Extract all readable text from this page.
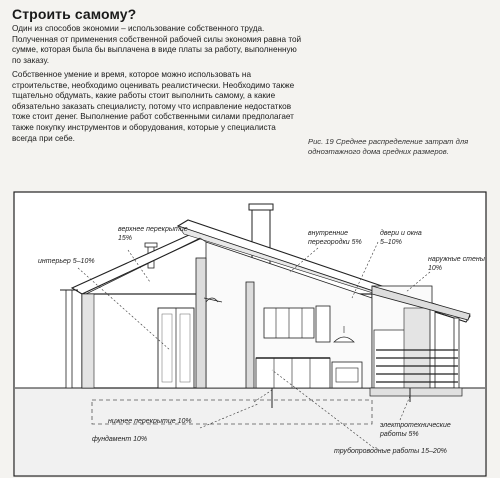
Строить самому?

Один из способов экономии – использование собственного труда. Полученная от применения собственной рабочей силы экономия равна той сумме, которая была бы выплачена в виде платы за работу, выполненную по заказу.

Собственное умение и время, которое можно использовать на строительстве, необходимо оценивать реалистически. Необходимо также тщательно обдумать, какие работы стоит выполнить самому, а какие обязательно заказать специалисту, потому что исправление недостатков тоже стоит денег. Выполнение работ собственными силами предполагает также покупку инструментов и оборудования, которые у специалиста всегда при себе.	Рис. 19 Среднее распределение затрат для одноэтажного дома средних размеров.
верхнее перекрытие
15%
интерьер 5–10%
внутренние
перегородки 5%
двери и окна
5–10%
наружные стены
10%
нижнее перекрытие 10%
фундамент 10%
электротехнические
работы 5%
трубопроводные работы 15–20%
